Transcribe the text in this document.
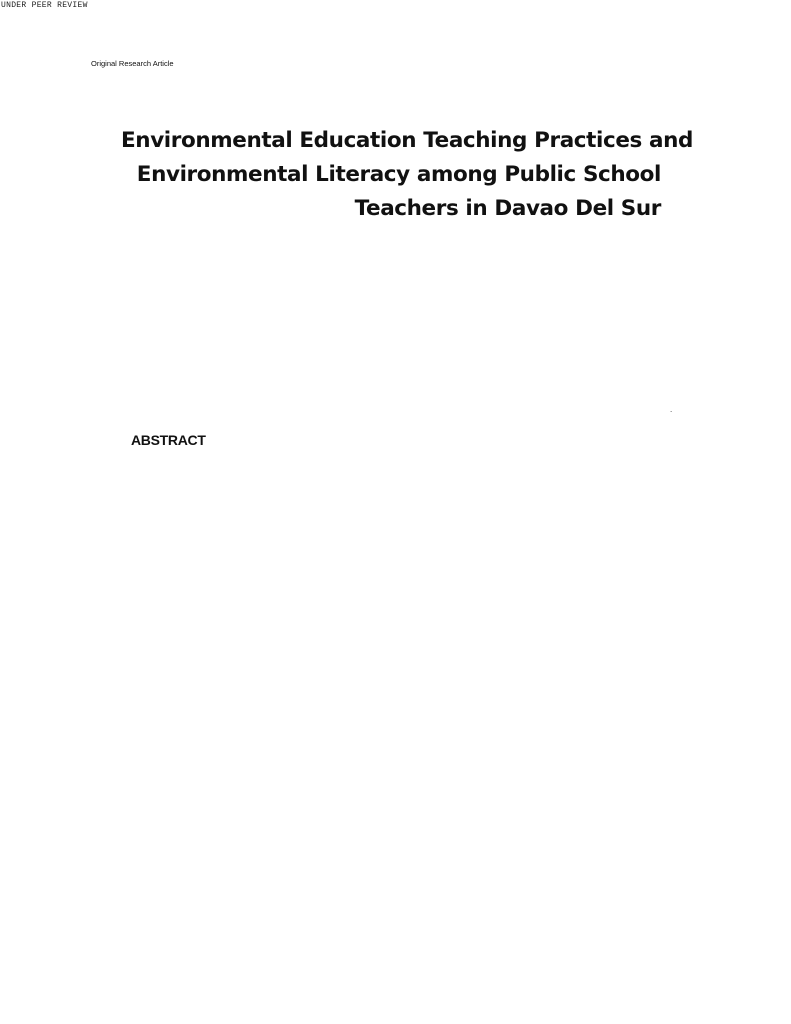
UNDER PEER REVIEW
Original Research Article
Environmental Education Teaching Practices and
Environmental Literacy among Public School
Teachers in Davao Del Sur
.
ABSTRACT
